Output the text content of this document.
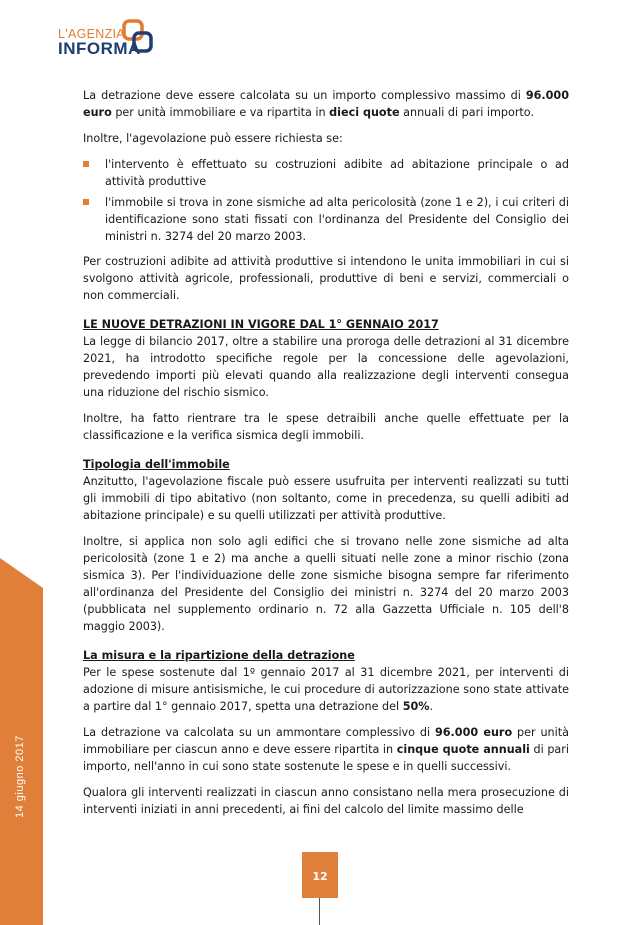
L'AGENZIA
INFORMA
14 giugno 2017

La detrazione deve essere calcolata su un importo complessivo massimo di 96.000 euro per unità immobiliare e va ripartita in dieci quote annuali di pari importo.

Inoltre, l'agevolazione può essere richiesta se:

l'intervento è effettuato su costruzioni adibite ad abitazione principale o ad attività produttive
l'immobile si trova in zone sismiche ad alta pericolosità (zone 1 e 2), i cui criteri di identificazione sono stati fissati con l'ordinanza del Presidente del Consiglio dei ministri n. 3274 del 20 marzo 2003.

Per costruzioni adibite ad attività produttive si intendono le unita immobiliari in cui si svolgono attività agricole, professionali, produttive di beni e servizi, commerciali o non commerciali.

LE NUOVE DETRAZIONI IN VIGORE DAL 1° GENNAIO 2017

La legge di bilancio 2017, oltre a stabilire una proroga delle detrazioni al 31 dicembre 2021, ha introdotto specifiche regole per la concessione delle agevolazioni, prevedendo importi più elevati quando alla realizzazione degli interventi consegua una riduzione del rischio sismico.

Inoltre, ha fatto rientrare tra le spese detraibili anche quelle effettuate per la classificazione e la verifica sismica degli immobili.

Tipologia dell'immobile

Anzitutto, l'agevolazione fiscale può essere usufruita per interventi realizzati su tutti gli immobili di tipo abitativo (non soltanto, come in precedenza, su quelli adibiti ad abitazione principale) e su quelli utilizzati per attività produttive.

Inoltre, si applica non solo agli edifici che si trovano nelle zone sismiche ad alta pericolosità (zone 1 e 2) ma anche a quelli situati nelle zone a minor rischio (zona sismica 3). Per l'individuazione delle zone sismiche bisogna sempre far riferimento all'ordinanza del Presidente del Consiglio dei ministri n. 3274 del 20 marzo 2003 (pubblicata nel supplemento ordinario n. 72 alla Gazzetta Ufficiale n. 105 dell'8 maggio 2003).

La misura e la ripartizione della detrazione

Per le spese sostenute dal 1º gennaio 2017 al 31 dicembre 2021, per interventi di adozione di misure antisismiche, le cui procedure di autorizzazione sono state attivate a partire dal 1° gennaio 2017, spetta una detrazione del 50%.

La detrazione va calcolata su un ammontare complessivo di 96.000 euro per unità immobiliare per ciascun anno e deve essere ripartita in cinque quote annuali di pari importo, nell'anno in cui sono state sostenute le spese e in quelli successivi.

Qualora gli interventi realizzati in ciascun anno consistano nella mera prosecuzione di interventi iniziati in anni precedenti, ai fini del calcolo del limite massimo delle

12
